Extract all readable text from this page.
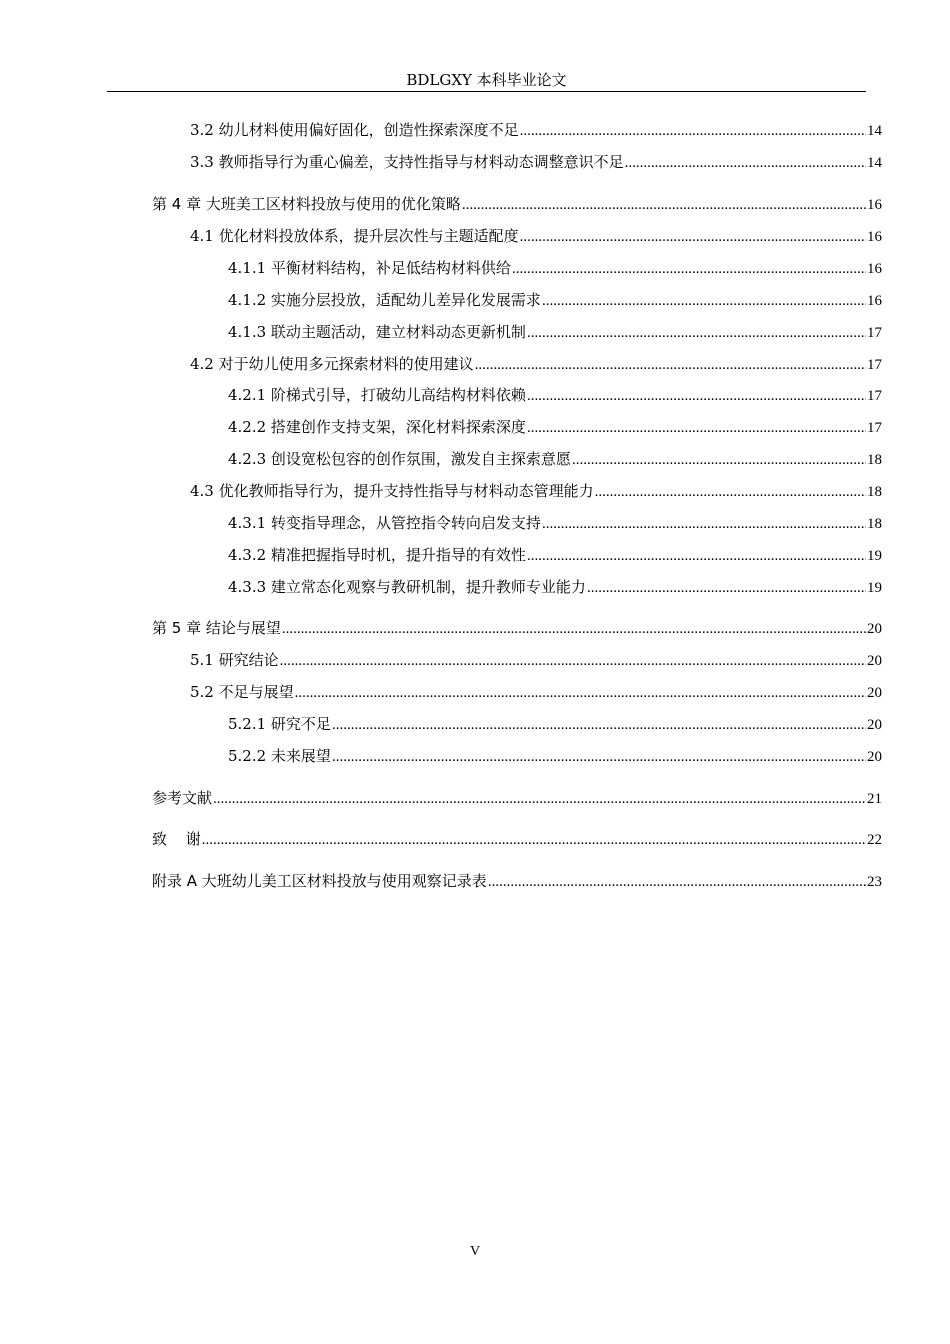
BDLGXY 本科毕业论文
3.2 幼儿材料使用偏好固化，创造性探索深度不足 .....	14
3.3 教师指导行为重心偏差，支持性指导与材料动态调整意识不足 .....	14
第 4 章 大班美工区材料投放与使用的优化策略 .....	16
4.1 优化材料投放体系，提升层次性与主题适配度 .....	16
4.1.1 平衡材料结构，补足低结构材料供给 .....	16
4.1.2 实施分层投放，适配幼儿差异化发展需求 .....	16
4.1.3 联动主题活动，建立材料动态更新机制 .....	17
4.2 对于幼儿使用多元探索材料的使用建议 .....	17
4.2.1 阶梯式引导，打破幼儿高结构材料依赖 .....	17
4.2.2 搭建创作支持支架，深化材料探索深度 .....	17
4.2.3 创设宽松包容的创作氛围，激发自主探索意愿 .....	18
4.3 优化教师指导行为，提升支持性指导与材料动态管理能力 .....	18
4.3.1 转变指导理念，从管控指令转向启发支持 .....	18
4.3.2 精准把握指导时机，提升指导的有效性 .....	19
4.3.3 建立常态化观察与教研机制，提升教师专业能力 .....	19
第 5 章 结论与展望 .....	20
5.1 研究结论 .....	20
5.2 不足与展望 .....	20
5.2.1 研究不足 .....	20
5.2.2 未来展望 .....	20
参考文献 .....	21
致 谢 .....	22
附录 A 大班幼儿美工区材料投放与使用观察记录表 .....	23
V
